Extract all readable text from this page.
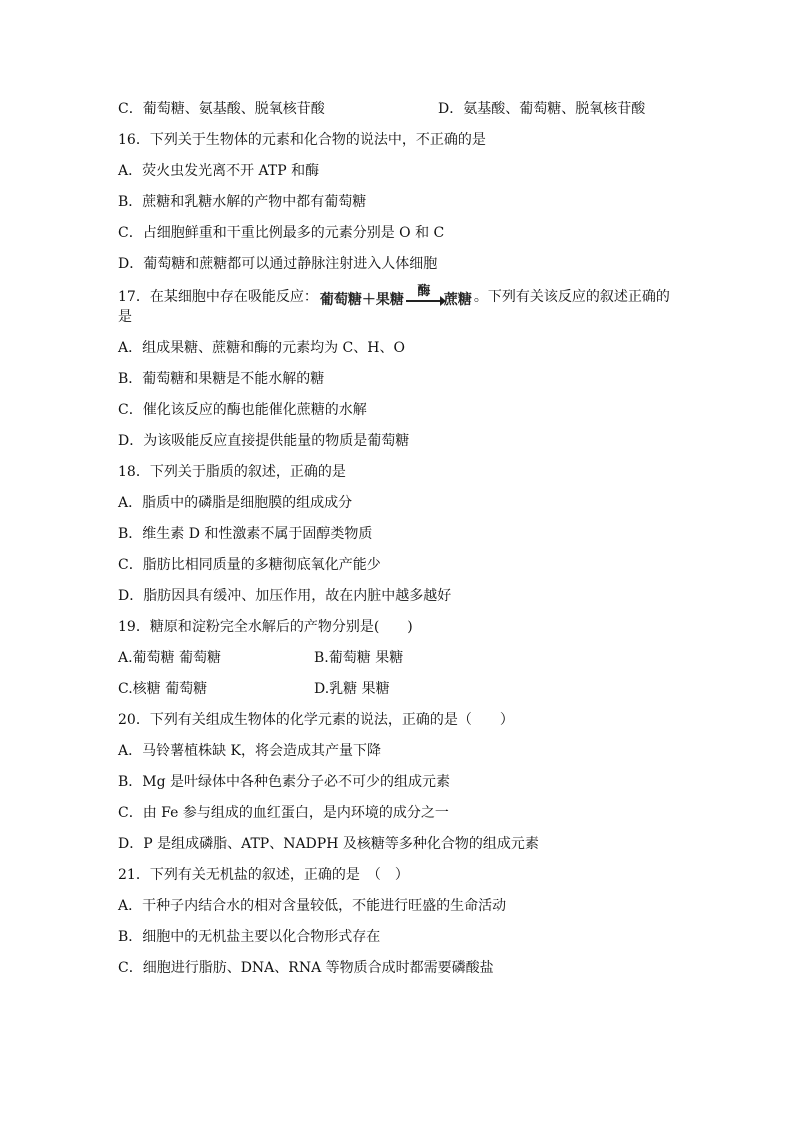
C．葡萄糖、氨基酸、脱氧核苷酸	D．氨基酸、葡萄糖、脱氧核苷酸
16．下列关于生物体的元素和化合物的说法中，不正确的是
A．荧火虫发光离不开 ATP 和酶
B．蔗糖和乳糖水解的产物中都有葡萄糖
C．占细胞鲜重和干重比例最多的元素分别是 O 和 C
D．葡萄糖和蔗糖都可以通过静脉注射进入人体细胞
17．在某细胞中存在吸能反应： 葡萄糖＋果糖
酶
蔗糖 。下列有关该反应的叙述正确的
是
A．组成果糖、蔗糖和酶的元素均为 C、H、O
B．葡萄糖和果糖是不能水解的糖
C．催化该反应的酶也能催化蔗糖的水解
D．为该吸能反应直接提供能量的物质是葡萄糖
18．下列关于脂质的叙述，正确的是
A．脂质中的磷脂是细胞膜的组成成分
B．维生素 D 和性激素不属于固醇类物质
C．脂肪比相同质量的多糖彻底氧化产能少
D．脂肪因具有缓冲、加压作用，故在内脏中越多越好
19．糖原和淀粉完全水解后的产物分别是(　　)
A.葡萄糖 葡萄糖	B.葡萄糖 果糖
C.核糖 葡萄糖	D.乳糖 果糖
20．下列有关组成生物体的化学元素的说法，正确的是（　　）
A．马铃薯植株缺 K，将会造成其产量下降
B．Mg 是叶绿体中各种色素分子必不可少的组成元素
C．由 Fe 参与组成的血红蛋白，是内环境的成分之一
D．P 是组成磷脂、ATP、NADPH 及核糖等多种化合物的组成元素
21．下列有关无机盐的叙述，正确的是　（　）
A．干种子内结合水的相对含量较低，不能进行旺盛的生命活动
B．细胞中的无机盐主要以化合物形式存在
C．细胞进行脂肪、DNA、RNA 等物质合成时都需要磷酸盐
